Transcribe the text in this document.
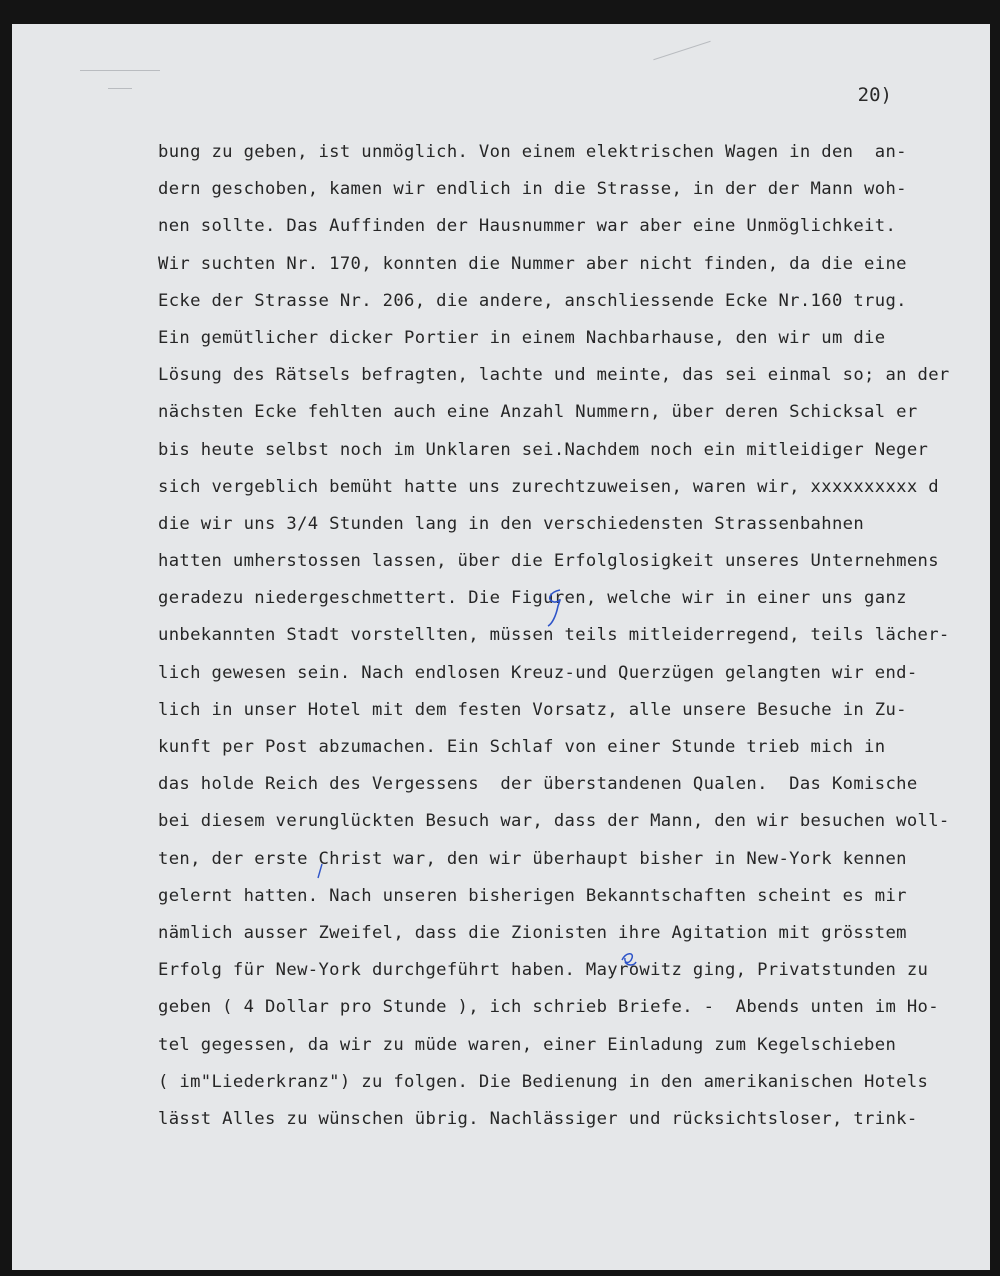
20)
bung zu geben, ist unmöglich. Von einem elektrischen Wagen in den  an-
dern geschoben, kamen wir endlich in die Strasse, in der der Mann woh-
nen sollte. Das Auffinden der Hausnummer war aber eine Unmöglichkeit.
Wir suchten Nr. 170, konnten die Nummer aber nicht finden, da die eine
Ecke der Strasse Nr. 206, die andere, anschliessende Ecke Nr.160 trug.
Ein gemütlicher dicker Portier in einem Nachbarhause, den wir um die
Lösung des Rätsels befragten, lachte und meinte, das sei einmal so; an der
nächsten Ecke fehlten auch eine Anzahl Nummern, über deren Schicksal er
bis heute selbst noch im Unklaren sei.Nachdem noch ein mitleidiger Neger
sich vergeblich bemüht hatte uns zurechtzuweisen, waren wir, xxxxxxxxxx d
die wir uns 3/4 Stunden lang in den verschiedensten Strassenbahnen
hatten umherstossen lassen, über die Erfolglosigkeit unseres Unternehmens
geradezu niedergeschmettert. Die Figuren, welche wir in einer uns ganz
unbekannten Stadt vorstellten, müssen teils mitleiderregend, teils lächer-
lich gewesen sein. Nach endlosen Kreuz-und Querzügen gelangten wir end-
lich in unser Hotel mit dem festen Vorsatz, alle unsere Besuche in Zu-
kunft per Post abzumachen. Ein Schlaf von einer Stunde trieb mich in
das holde Reich des Vergessens  der überstandenen Qualen.  Das Komische
bei diesem verunglückten Besuch war, dass der Mann, den wir besuchen woll-
ten, der erste Christ war, den wir überhaupt bisher in New-York kennen
gelernt hatten. Nach unseren bisherigen Bekanntschaften scheint es mir
nämlich ausser Zweifel, dass die Zionisten ihre Agitation mit grösstem
Erfolg für New-York durchgeführt haben. Mayrowitz ging, Privatstunden zu
geben ( 4 Dollar pro Stunde ), ich schrieb Briefe. -  Abends unten im Ho-
tel gegessen, da wir zu müde waren, einer Einladung zum Kegelschieben
( im"Liederkranz") zu folgen. Die Bedienung in den amerikanischen Hotels
lässt Alles zu wünschen übrig. Nachlässiger und rücksichtsloser, trink-
